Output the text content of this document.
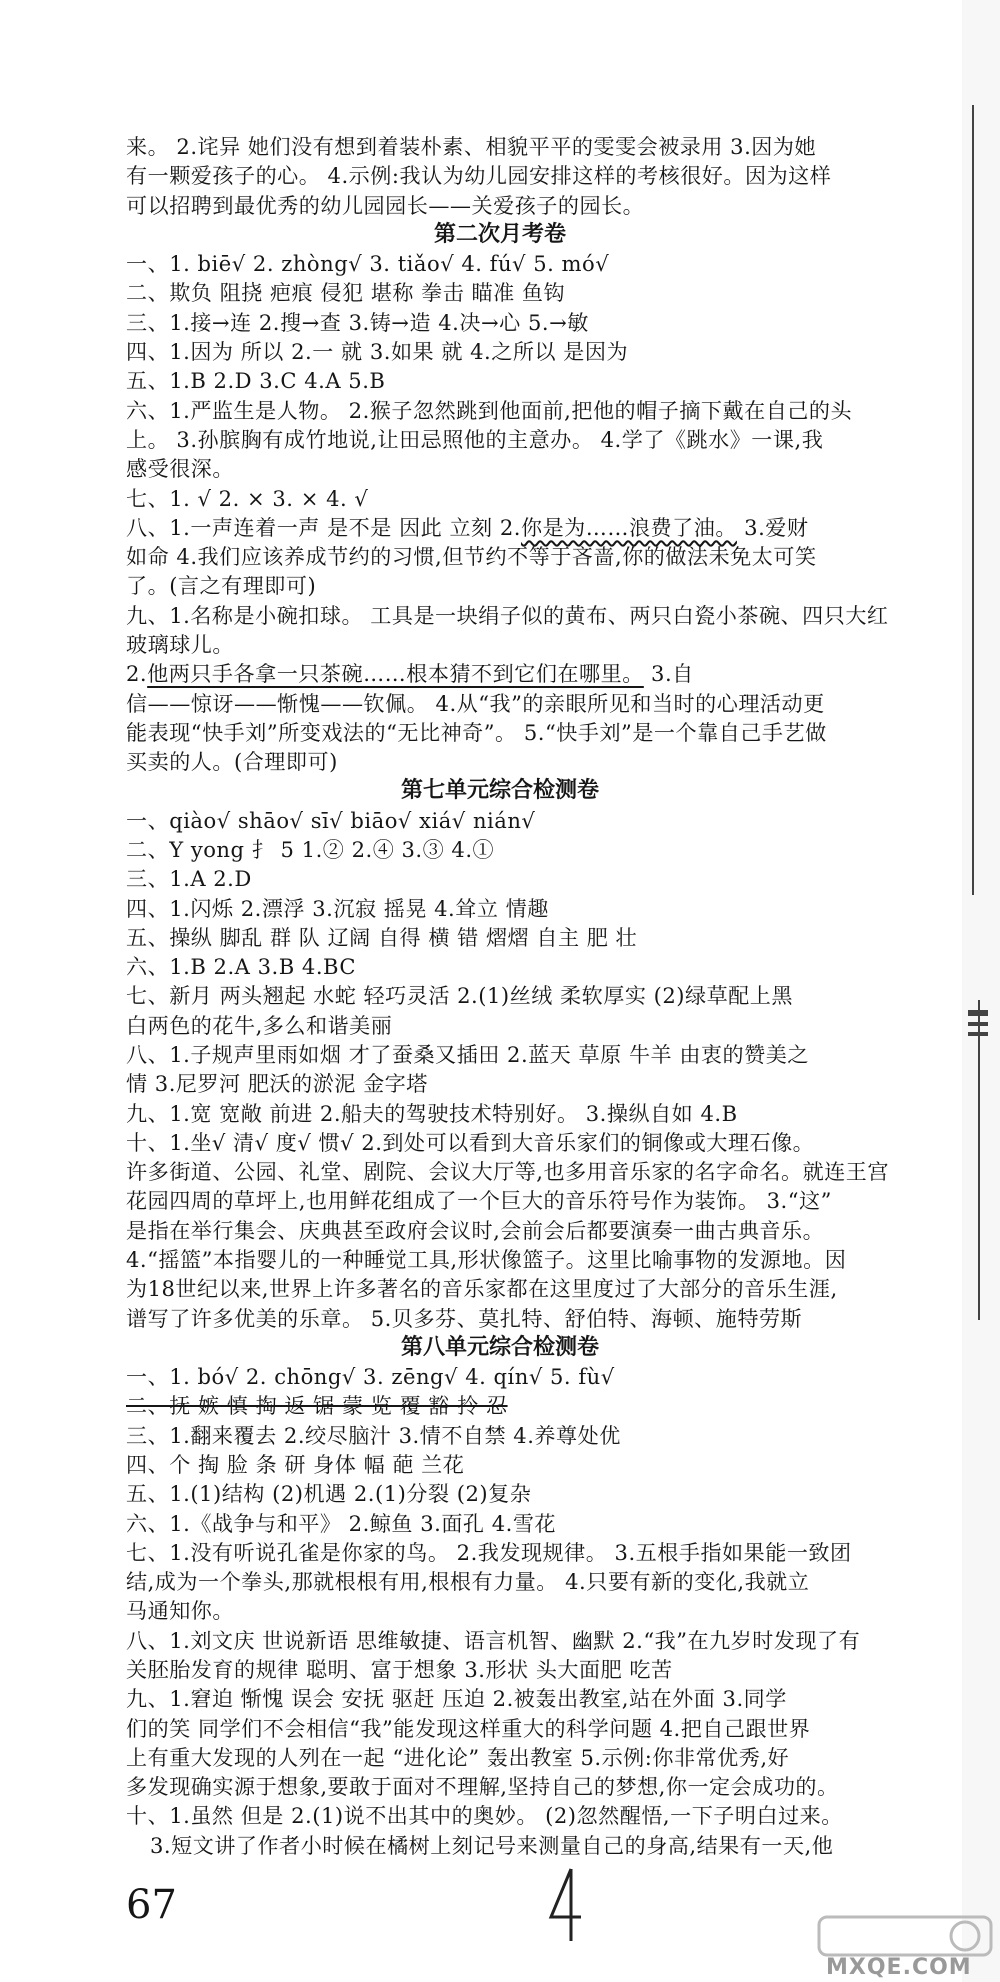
来。 2.诧异 她们没有想到着装朴素、相貌平平的雯雯会被录用 3.因为她
有一颗爱孩子的心。 4.示例:我认为幼儿园安排这样的考核很好。因为这样
可以招聘到最优秀的幼儿园园长——关爱孩子的园长。
第二次月考卷
一、1. biē√ 2. zhòng√ 3. tiǎo√ 4. fú√ 5. mó√
二、欺负 阻挠 疤痕 侵犯 堪称 拳击 瞄准 鱼钩
三、1.接→连 2.搜→查 3.铸→造 4.决→心 5.→敏
四、1.因为 所以 2.一 就 3.如果 就 4.之所以 是因为
五、1.B 2.D 3.C 4.A 5.B
六、1.严监生是人物。 2.猴子忽然跳到他面前,把他的帽子摘下戴在自己的头
上。 3.孙膑胸有成竹地说,让田忌照他的主意办。 4.学了《跳水》一课,我
感受很深。
七、1. √ 2. × 3. × 4. √
八、1.一声连着一声 是不是 因此 立刻 2.你是为……浪费了油。 3.爱财
如命 4.我们应该养成节约的习惯,但节约不等于吝啬,你的做法未免太可笑
了。(言之有理即可)
九、1.名称是小碗扣球。 工具是一块绢子似的黄布、两只白瓷小茶碗、四只大红
玻璃球儿。
2.他两只手各拿一只茶碗……根本猜不到它们在哪里。 3.自
信——惊讶——惭愧——钦佩。 4.从“我”的亲眼所见和当时的心理活动更
能表现“快手刘”所变戏法的“无比神奇”。 5.“快手刘”是一个靠自己手艺做
买卖的人。(合理即可)
第七单元综合检测卷
一、qiào√ shāo√ sī√ biāo√ xiá√ nián√
二、Y yong 扌 5 1.② 2.④ 3.③ 4.①
三、1.A 2.D
四、1.闪烁 2.漂浮 3.沉寂 摇晃 4.耸立 情趣
五、操纵 脚乱 群 队 辽阔 自得 横 错 熠熠 自主 肥 壮
六、1.B 2.A 3.B 4.BC
七、新月 两头翘起 水蛇 轻巧灵活 2.(1)丝绒 柔软厚实 (2)绿草配上黑
白两色的花牛,多么和谐美丽
八、1.子规声里雨如烟 才了蚕桑又插田 2.蓝天 草原 牛羊 由衷的赞美之
情 3.尼罗河 肥沃的淤泥 金字塔
九、1.宽 宽敞 前进 2.船夫的驾驶技术特别好。 3.操纵自如 4.B
十、1.坐√ 清√ 度√ 惯√ 2.到处可以看到大音乐家们的铜像或大理石像。
许多街道、公园、礼堂、剧院、会议大厅等,也多用音乐家的名字命名。就连王宫
花园四周的草坪上,也用鲜花组成了一个巨大的音乐符号作为装饰。 3.“这”
是指在举行集会、庆典甚至政府会议时,会前会后都要演奏一曲古典音乐。
4.“摇篮”本指婴儿的一种睡觉工具,形状像篮子。这里比喻事物的发源地。因
为18世纪以来,世界上许多著名的音乐家都在这里度过了大部分的音乐生涯,
谱写了许多优美的乐章。 5.贝多芬、莫扎特、舒伯特、海顿、施特劳斯
第八单元综合检测卷
一、1. bó√ 2. chōng√ 3. zēng√ 4. qín√ 5. fù√
二、抚 嫉 慎 掏 返 锯 蒙 览 覆 豁 拎 忍
三、1.翻来覆去 2.绞尽脑汁 3.情不自禁 4.养尊处优
四、个 掏 脸 条 研 身体 幅 葩 兰花
五、1.(1)结构 (2)机遇 2.(1)分裂 (2)复杂
六、1.《战争与和平》 2.鲸鱼 3.面孔 4.雪花
七、1.没有听说孔雀是你家的鸟。 2.我发现规律。 3.五根手指如果能一致团
结,成为一个拳头,那就根根有用,根根有力量。 4.只要有新的变化,我就立
马通知你。
八、1.刘文庆 世说新语 思维敏捷、语言机智、幽默 2.“我”在九岁时发现了有
关胚胎发育的规律 聪明、富于想象 3.形状 头大面肥 吃苦
九、1.窘迫 惭愧 误会 安抚 驱赶 压迫 2.被轰出教室,站在外面 3.同学
们的笑 同学们不会相信“我”能发现这样重大的科学问题 4.把自己跟世界
上有重大发现的人列在一起 “进化论” 轰出教室 5.示例:你非常优秀,好
多发现确实源于想象,要敢于面对不理解,坚持自己的梦想,你一定会成功的。
十、1.虽然 但是 2.(1)说不出其中的奥妙。 (2)忽然醒悟,一下子明白过来。
3.短文讲了作者小时候在橘树上刻记号来测量自己的身高,结果有一天,他
67
MXQE.COM
